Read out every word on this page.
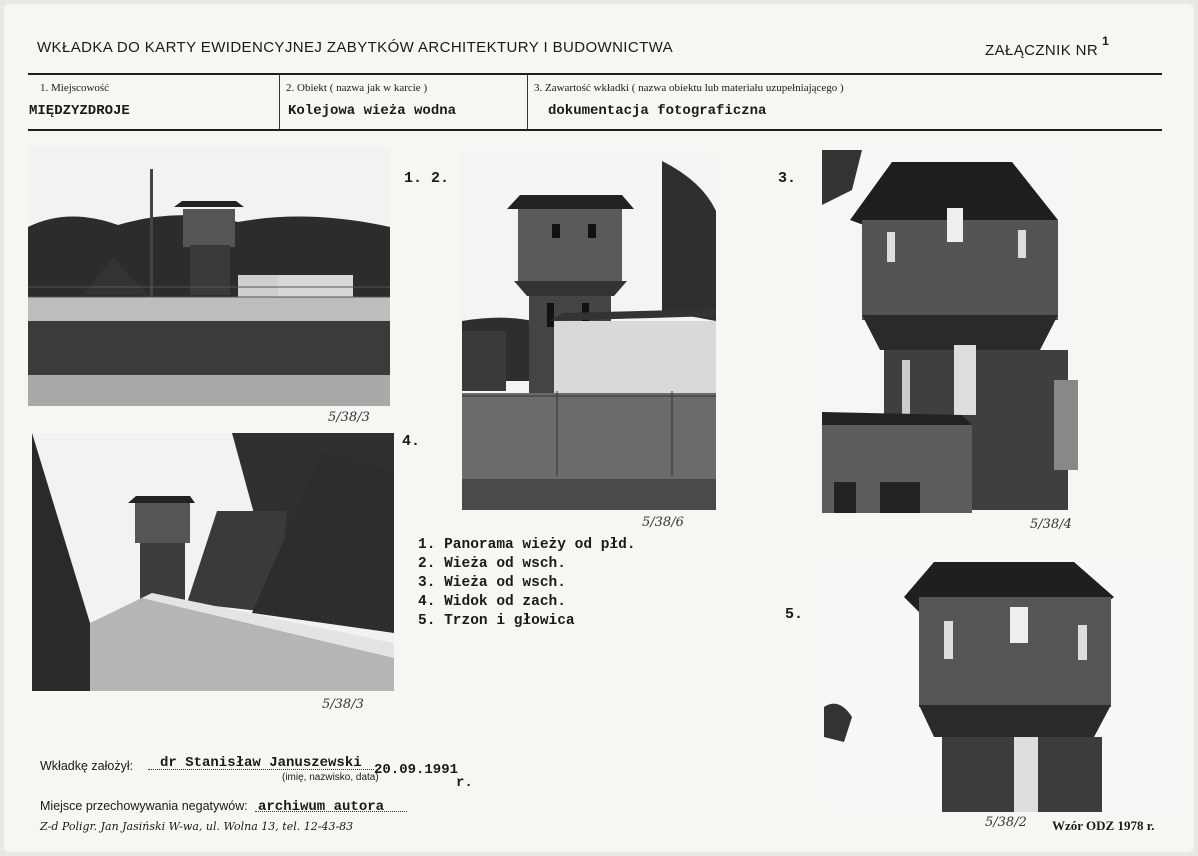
WKŁADKA DO KARTY EWIDENCYJNEJ ZABYTKÓW ARCHITEKTURY I BUDOWNICTWA	ZAŁĄCZNIK $NR^1$
1. Miejscowość
MIĘDZYZDROJE
2. Obiekt ( nazwa jak w karcie )
Kolejowa wieża wodna
3. Zawartość wkładki ( nazwa obiektu lub materiału uzupełniającego )
dokumentacja fotograficzna
5/38/3
1. 2.
5/38/6
3.
5/38/4
4.
5/38/3
1. Panorama wieży od płd.
2. Wieża od wsch.
3. Wieża od wsch.
4. Widok od zach.
5. Trzon i głowica	5.
5/38/2
Wkładkę założył: dr Stanisław Januszewski
(imię, nazwisko, data)
20.09.1991
r.
Miejsce przechowywania negatywów: archiwum autora
Z-d Poligr. Jan Jasiński W-wa, ul. Wolna 13, tel. 12-43-83	Wzór ODZ 1978 r.
